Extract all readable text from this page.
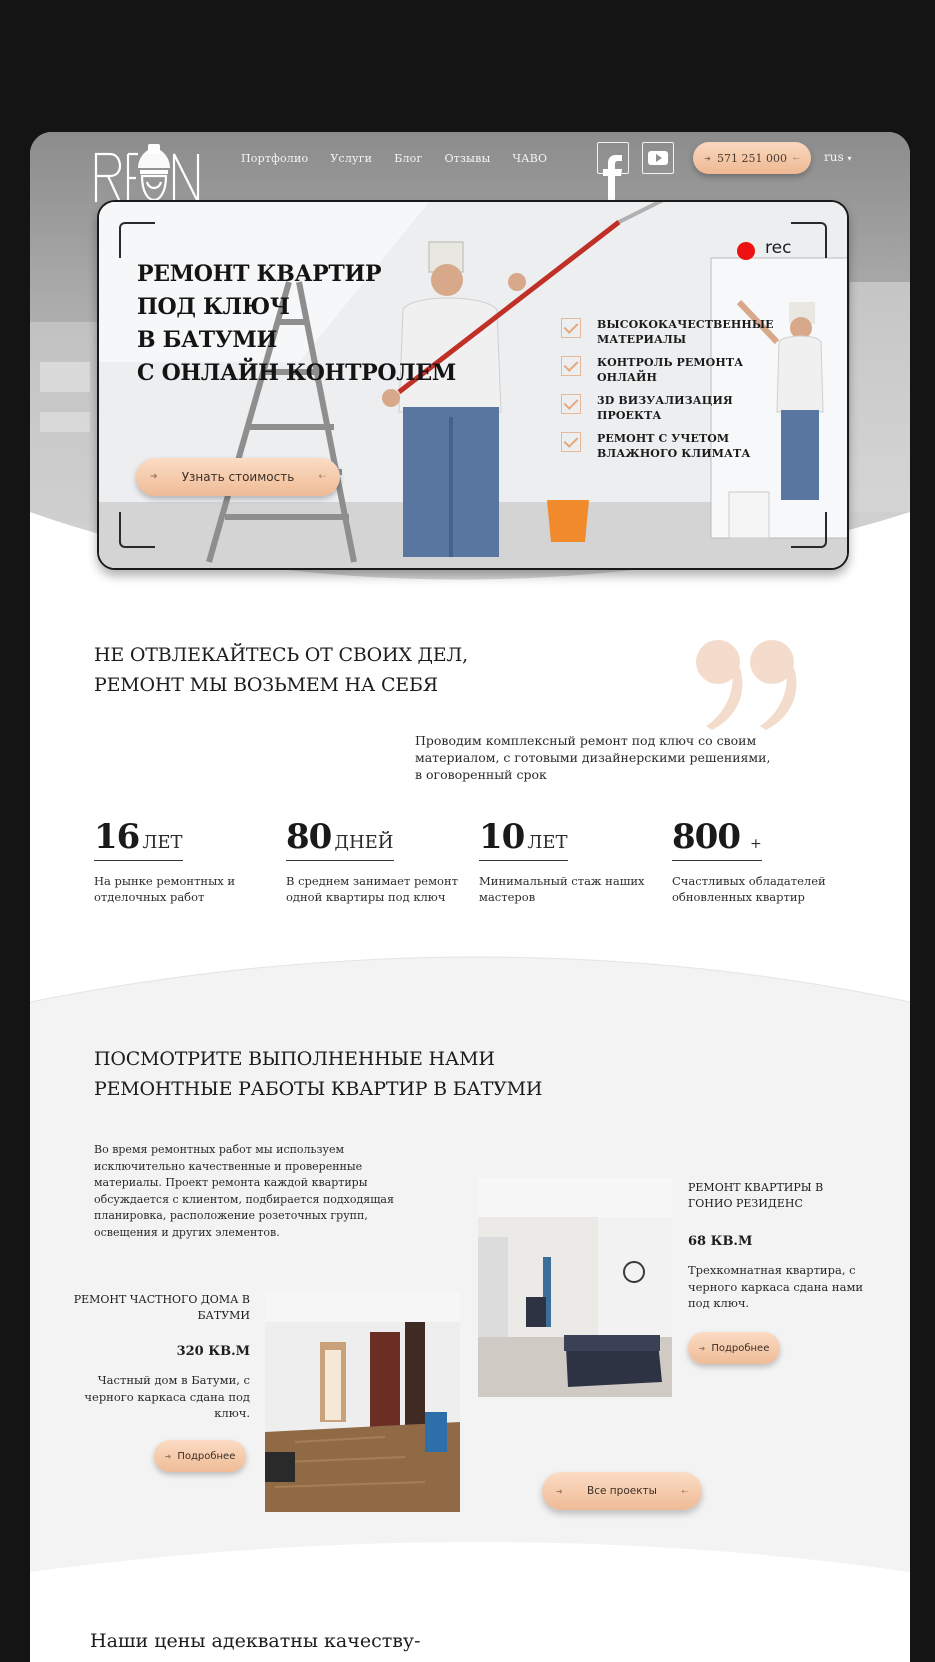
REON
Портфолио Услуги Блог Отзывы ЧАВО	➜ 571 251 000 ⇠ rus ▾
rec
РЕМОНТ КВАРТИР
ПОД КЛЮЧ
В БАТУМИ
С ОНЛАЙН КОНТРОЛЕМ
ВЫСОКОКАЧЕСТВЕННЫЕ МАТЕРИАЛЫ
КОНТРОЛЬ РЕМОНТА ОНЛАЙН
3D ВИЗУАЛИЗАЦИЯ ПРОЕКТА
РЕМОНТ С УЧЕТОМ ВЛАЖНОГО КЛИМАТА
➜ Узнать стоимость	⇠
НЕ ОТВЛЕКАЙТЕСЬ ОТ СВОИХ ДЕЛ,
РЕМОНТ МЫ ВОЗЬМЕМ НА СЕБЯ
Проводим комплексный ремонт под ключ со своим материалом, с готовыми дизайнерскими решениями, в оговоренный срок
16 ЛЕТ
На рынке ремонтных и отделочных работ
80 ДНЕЙ
В среднем занимает ремонт одной квартиры под ключ
10 ЛЕТ
Минимальный стаж наших мастеров
800 +
Счастливых обладателей обновленных квартир
ПОСМОТРИТЕ ВЫПОЛНЕННЫЕ НАМИ
РЕМОНТНЫЕ РАБОТЫ КВАРТИР В БАТУМИ
Во время ремонтных работ мы используем исключительно качественные и проверенные материалы. Проект ремонта каждой квартиры обсуждается с клиентом, подбирается подходящая планировка, расположение розеточных групп, освещения и других элементов.
РЕМОНТ КВАРТИРЫ В ГОНИО РЕЗИДЕНС
68 КВ.М
Трехкомнатная квартира, с черного каркаса сдана нами под ключ.
➜ Подробнее
РЕМОНТ ЧАСТНОГО ДОМА В БАТУМИ
320 КВ.М
Частный дом в Батуми, с черного каркаса сдана под ключ.
➜ Подробнее
➜ Все проекты	⇠
Наши цены адекватны качеству-
